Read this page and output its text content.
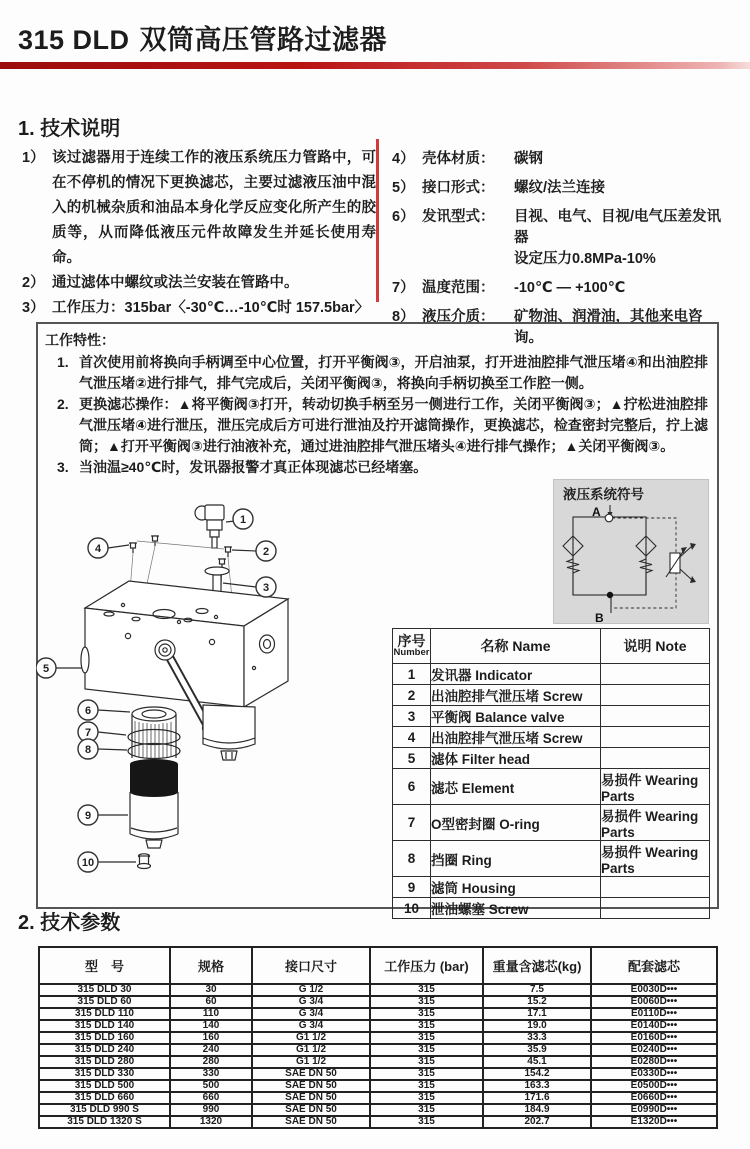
315 DLD 双筒高压管路过滤器
1. 技术说明
1） 该过滤器用于连续工作的液压系统压力管路中，可在不停机的情况下更换滤芯，主要过滤液压油中混入的机械杂质和油品本身化学反应变化所产生的胶质等，从而降低液压元件故障发生并延长使用寿命。
2） 通过滤体中螺纹或法兰安装在管路中。
3） 工作压力：315bar〈-30℃…-10℃时 157.5bar〉
4） 壳体材质：	碳钢
5） 接口形式：	螺纹/法兰连接
6） 发讯型式：	目视、电气、目视/电气压差发讯器
设定压力0.8MPa-10%
7） 温度范围：	-10℃ — +100℃
8） 液压介质：	矿物油、润滑油，其他来电咨询。
工作特性：
1. 首次使用前将换向手柄调至中心位置，打开平衡阀③，开启油泵，打开进油腔排气泄压堵④和出油腔排气泄压堵②进行排气，排气完成后，关闭平衡阀③，将换向手柄切换至工作腔一侧。
2. 更换滤芯操作：▲将平衡阀③打开，转动切换手柄至另一侧进行工作，关闭平衡阀③；▲拧松进油腔排气泄压堵④进行泄压，泄压完成后方可进行泄油及拧开滤筒操作，更换滤芯，检查密封完整后，拧上滤筒；▲打开平衡阀③进行油液补充，通过进油腔排气泄压堵头④进行排气操作；▲关闭平衡阀③。
3. 当油温≥40℃时，发讯器报警才真正体现滤芯已经堵塞。
1
2
3
4
5
6
7
8
9
10
液压系统符号
A
B
序号
Number	名称 Name	说明 Note
1	发讯器 Indicator	
2	出油腔排气泄压堵 Screw	
3	平衡阀 Balance valve	
4	出油腔排气泄压堵 Screw	
5	滤体 Filter head	
6	滤芯 Element	易损件 Wearing Parts
7	O型密封圈 O-ring	易损件 Wearing Parts
8	挡圈 Ring	易损件 Wearing Parts
9	滤筒 Housing	
10	泄油螺塞 Screw	
2. 技术参数
型　号	规格	接口尺寸	工作压力 (bar)	重量含滤芯(kg)	配套滤芯
315 DLD 30	30	G 1/2	315	7.5	E0030D•••
315 DLD 60	60	G 3/4	315	15.2	E0060D•••
315 DLD 110	110	G 3/4	315	17.1	E0110D•••
315 DLD 140	140	G 3/4	315	19.0	E0140D•••
315 DLD 160	160	G1 1/2	315	33.3	E0160D•••
315 DLD 240	240	G1 1/2	315	35.9	E0240D•••
315 DLD 280	280	G1 1/2	315	45.1	E0280D•••
315 DLD 330	330	SAE DN 50	315	154.2	E0330D•••
315 DLD 500	500	SAE DN 50	315	163.3	E0500D•••
315 DLD 660	660	SAE DN 50	315	171.6	E0660D•••
315 DLD 990 S	990	SAE DN 50	315	184.9	E0990D•••
315 DLD 1320 S	1320	SAE DN 50	315	202.7	E1320D•••
